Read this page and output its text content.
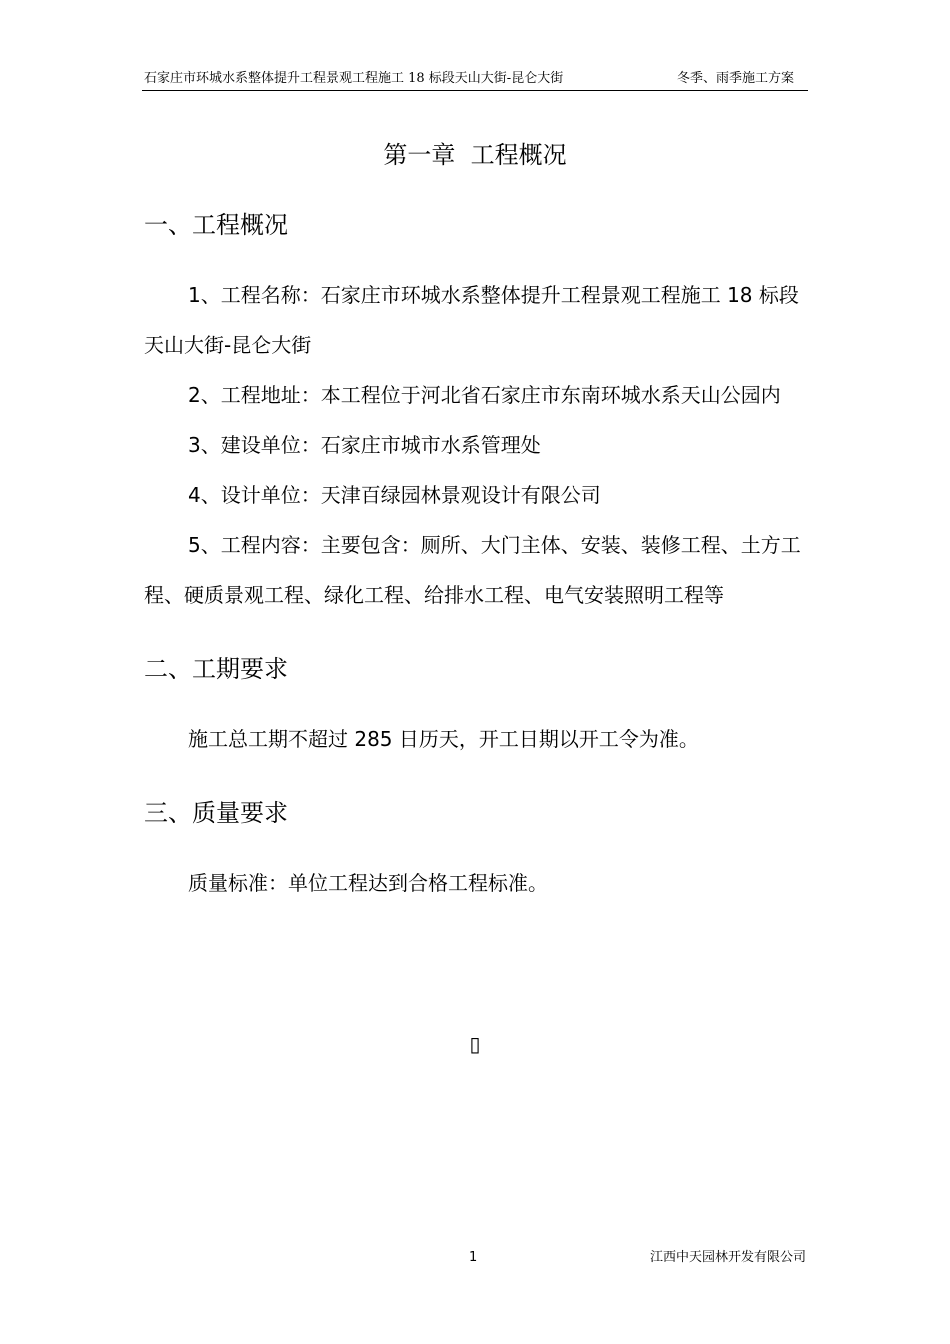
石家庄市环城水系整体提升工程景观工程施工 18 标段天山大街-昆仑大街	冬季、雨季施工方案
第一章  工程概况
一、工程概况

1、工程名称：石家庄市环城水系整体提升工程景观工程施工 18 标段天山大街-昆仑大街

2、工程地址：本工程位于河北省石家庄市东南环城水系天山公园内

3、建设单位：石家庄市城市水系管理处

4、设计单位：天津百绿园林景观设计有限公司

5、工程内容：主要包含：厕所、大门主体、安装、装修工程、土方工程、硬质景观工程、绿化工程、给排水工程、电气安装照明工程等

二、工期要求

施工总工期不超过 285 日历天，开工日期以开工令为准。

三、质量要求

质量标准：单位工程达到合格工程标准。

▯
1	江西中天园林开发有限公司
